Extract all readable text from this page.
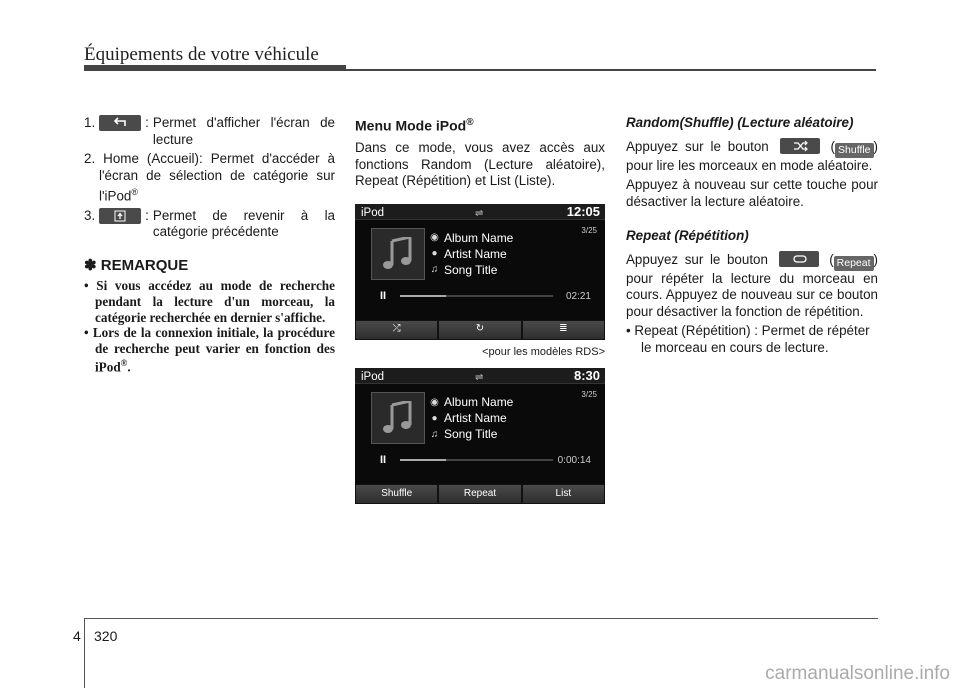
Équipements de votre véhicule
1.	: Permet d'afficher l'écran de lecture
2. Home (Accueil): Permet d'accéder à l'écran de sélection de catégorie sur l'iPod®
3.	: Permet de revenir à la catégorie précédente
✽ REMARQUE
• Si vous accédez au mode de recherche pendant la lecture d'un morceau, la catégorie recherchée en dernier s'affiche.
• Lors de la connexion initiale, la procédure de recherche peut varier en fonction des iPod®.
Menu Mode iPod®

Dans ce mode, vous avez accès aux fonctions Random (Lecture aléatoire), Repeat (Répétition) et List (Liste).

iPod	⇌	12:05
3/25
◉ Album Name
● Artist Name
♫ Song Title
II	02:21
⤮	↻	≣
<pour les modèles RDS>
iPod	⇌	8:30
3/25
◉ Album Name
● Artist Name
♫ Song Title
II	0:00:14
Shuffle	Repeat	List
Random(Shuffle) (Lecture aléatoire)

Appuyez sur le bouton	( Shuffle ) pour lire les morceaux en mode aléatoire.

Appuyez à nouveau sur cette touche pour désactiver la lecture aléatoire.

Repeat (Répétition)

Appuyez sur le bouton	( Repeat ) pour répéter la lecture du morceau en cours. Appuyez de nouveau sur ce bouton pour désactiver la fonction de répétition.

• Repeat (Répétition) : Permet de répéter le morceau en cours de lecture.

4 320
carmanualsonline.info
